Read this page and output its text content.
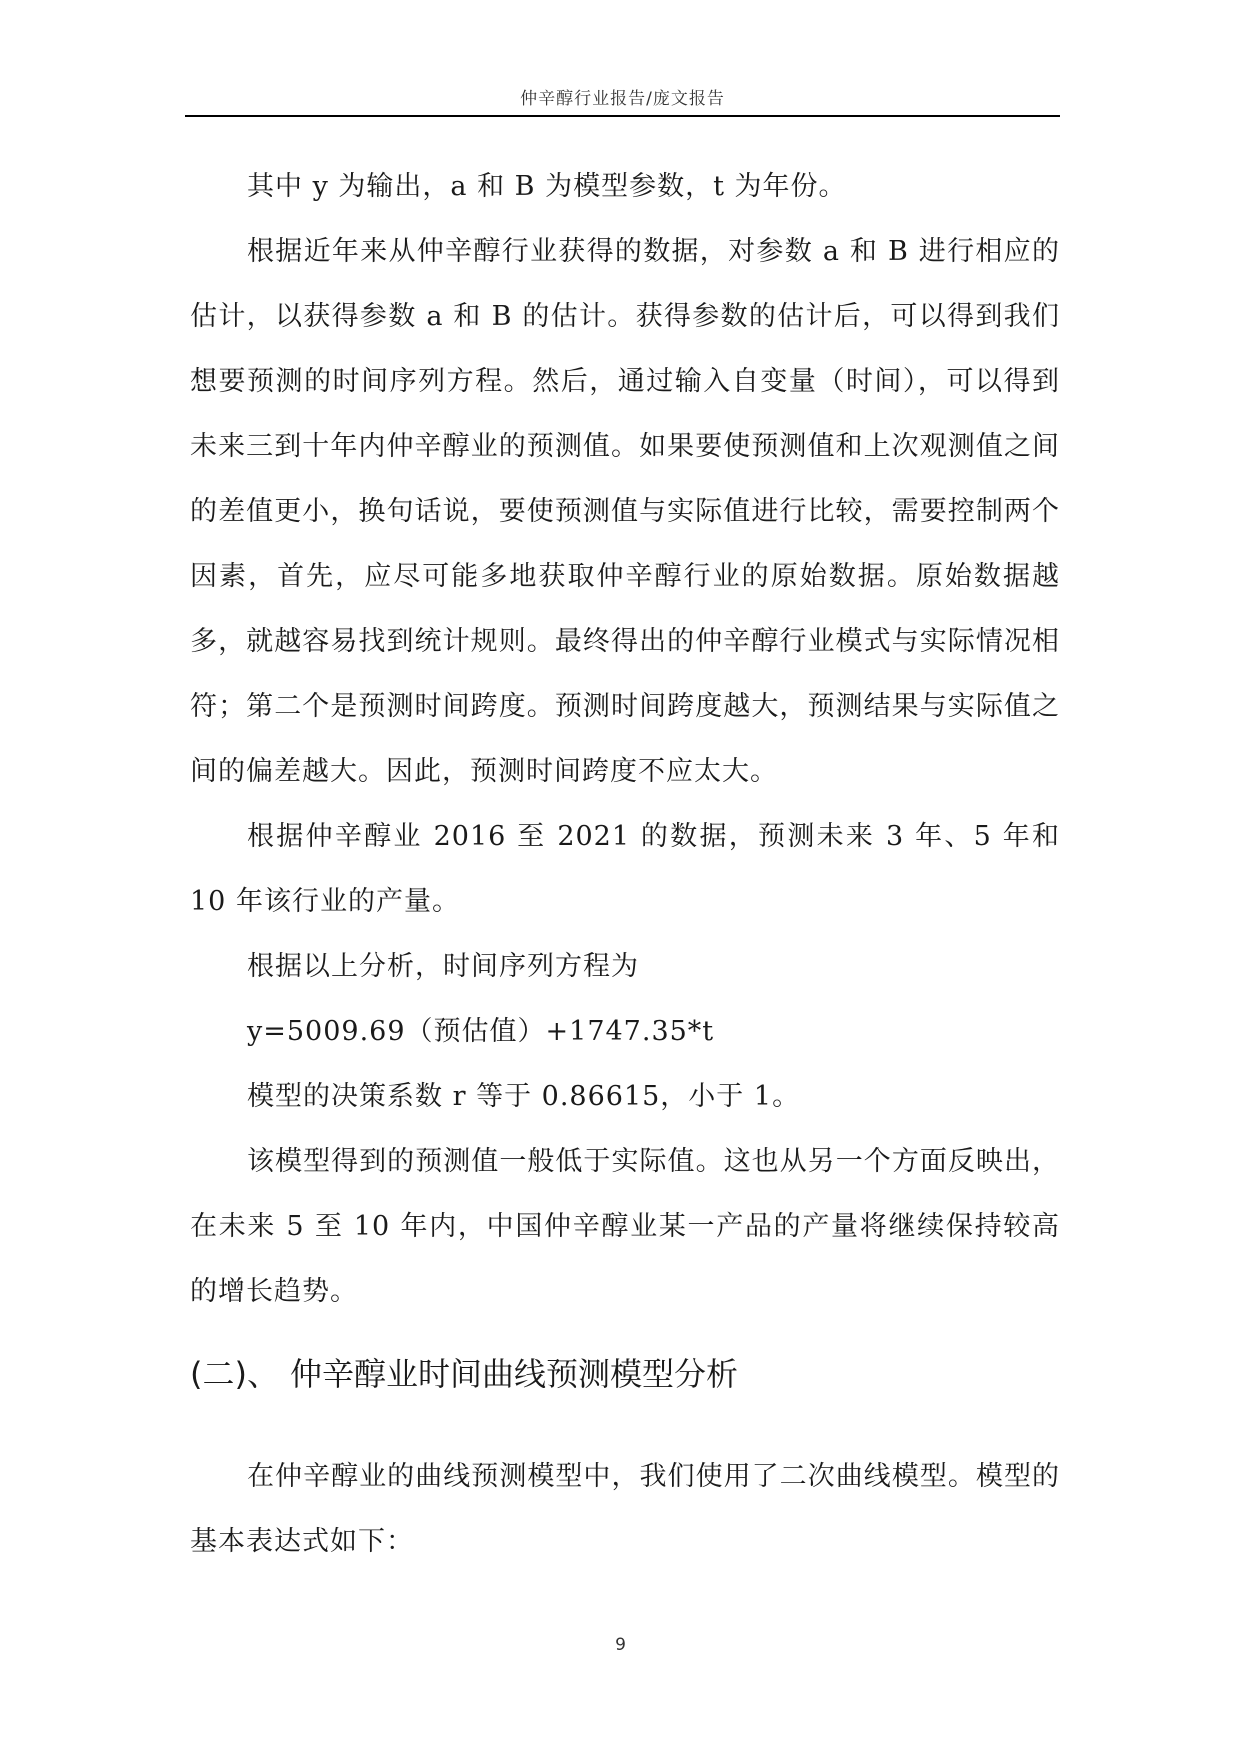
仲辛醇行业报告/庞文报告

其中 y 为输出，a 和 B 为模型参数，t 为年份。

根据近年来从仲辛醇行业获得的数据，对参数 a 和 B 进行相应的估计，以获得参数 a 和 B 的估计。获得参数的估计后，可以得到我们想要预测的时间序列方程。然后，通过输入自变量（时间），可以得到未来三到十年内仲辛醇业的预测值。如果要使预测值和上次观测值之间的差值更小，换句话说，要使预测值与实际值进行比较，需要控制两个因素，首先，应尽可能多地获取仲辛醇行业的原始数据。原始数据越多，就越容易找到统计规则。最终得出的仲辛醇行业模式与实际情况相符；第二个是预测时间跨度。预测时间跨度越大，预测结果与实际值之间的偏差越大。因此，预测时间跨度不应太大。

根据仲辛醇业 2016 至 2021 的数据，预测未来 3 年、5 年和 10 年该行业的产量。

根据以上分析，时间序列方程为

y=5009.69（预估值）+1747.35*t

模型的决策系数 r 等于 0.86615，小于 1。

该模型得到的预测值一般低于实际值。这也从另一个方面反映出，在未来 5 至 10 年内，中国仲辛醇业某一产品的产量将继续保持较高的增长趋势。

(二)、 仲辛醇业时间曲线预测模型分析

在仲辛醇业的曲线预测模型中，我们使用了二次曲线模型。模型的基本表达式如下：

9
